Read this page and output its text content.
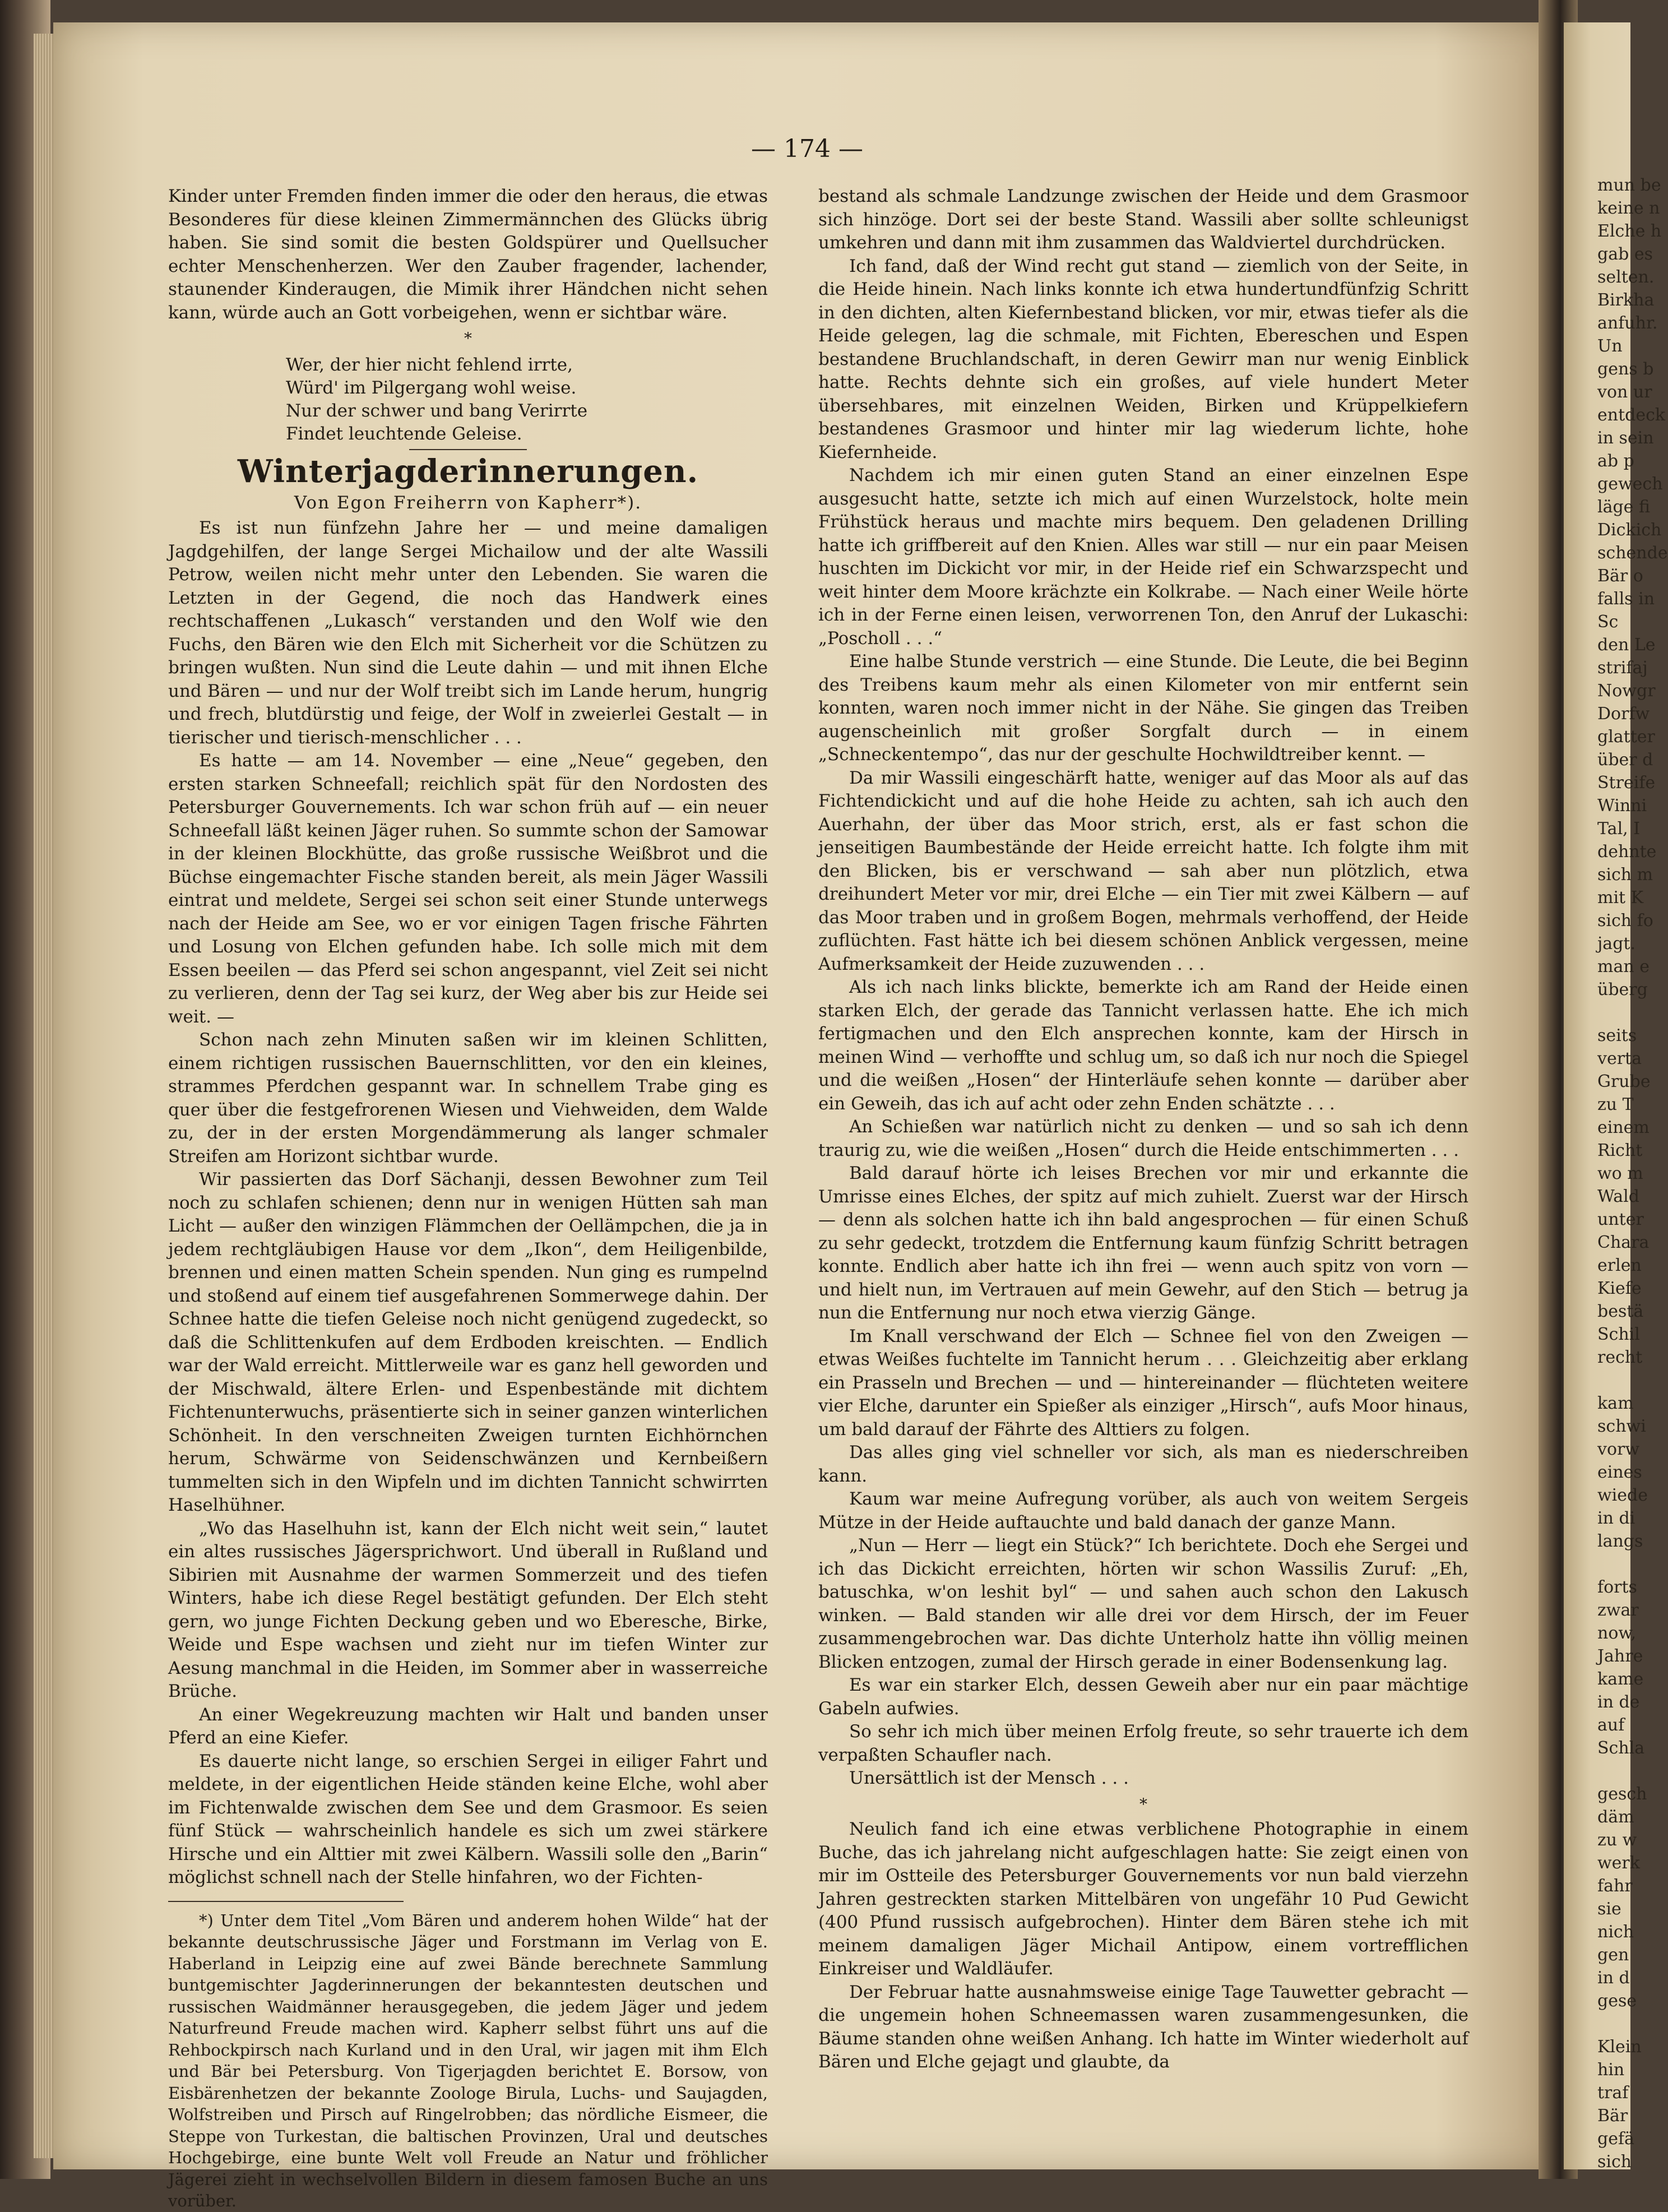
— 174 —

Kinder unter Fremden finden immer die oder den heraus, die etwas Besonderes für diese kleinen Zimmermännchen des Glücks übrig haben. Sie sind somit die besten Goldspürer und Quellsucher echter Menschenherzen. Wer den Zauber fragender, lachender, staunender Kinderaugen, die Mimik ihrer Händchen nicht sehen kann, würde auch an Gott vorbeigehen, wenn er sichtbar wäre.

*
Wer, der hier nicht fehlend irrte,
Würd' im Pilgergang wohl weise.
Nur der schwer und bang Verirrte
Findet leuchtende Geleise.
Winterjagderinnerungen.
Von Egon Freiherrn von Kapherr*).

Es ist nun fünfzehn Jahre her — und meine damaligen Jagdgehilfen, der lange Sergei Michailow und der alte Wassili Petrow, weilen nicht mehr unter den Lebenden. Sie waren die Letzten in der Gegend, die noch das Handwerk eines rechtschaffenen „Lukasch“ verstanden und den Wolf wie den Fuchs, den Bären wie den Elch mit Sicherheit vor die Schützen zu bringen wußten. Nun sind die Leute dahin — und mit ihnen Elche und Bären — und nur der Wolf treibt sich im Lande herum, hungrig und frech, blutdürstig und feige, der Wolf in zweierlei Gestalt — in tierischer und tierisch-menschlicher . . .

Es hatte — am 14. November — eine „Neue“ gegeben, den ersten starken Schneefall; reichlich spät für den Nordosten des Petersburger Gouvernements. Ich war schon früh auf — ein neuer Schneefall läßt keinen Jäger ruhen. So summte schon der Samowar in der kleinen Blockhütte, das große russische Weißbrot und die Büchse eingemachter Fische standen bereit, als mein Jäger Wassili eintrat und meldete, Sergei sei schon seit einer Stunde unterwegs nach der Heide am See, wo er vor einigen Tagen frische Fährten und Losung von Elchen gefunden habe. Ich solle mich mit dem Essen beeilen — das Pferd sei schon angespannt, viel Zeit sei nicht zu verlieren, denn der Tag sei kurz, der Weg aber bis zur Heide sei weit. —

Schon nach zehn Minuten saßen wir im kleinen Schlitten, einem richtigen russischen Bauernschlitten, vor den ein kleines, strammes Pferdchen gespannt war. In schnellem Trabe ging es quer über die festgefrorenen Wiesen und Viehweiden, dem Walde zu, der in der ersten Morgendämmerung als langer schmaler Streifen am Horizont sichtbar wurde.

Wir passierten das Dorf Sächanji, dessen Bewohner zum Teil noch zu schlafen schienen; denn nur in wenigen Hütten sah man Licht — außer den winzigen Flämmchen der Oellämpchen, die ja in jedem rechtgläubigen Hause vor dem „Ikon“, dem Heiligenbilde, brennen und einen matten Schein spenden. Nun ging es rumpelnd und stoßend auf einem tief ausgefahrenen Sommerwege dahin. Der Schnee hatte die tiefen Geleise noch nicht genügend zugedeckt, so daß die Schlittenkufen auf dem Erdboden kreischten. — Endlich war der Wald erreicht. Mittlerweile war es ganz hell geworden und der Mischwald, ältere Erlen- und Espenbestände mit dichtem Fichtenunterwuchs, präsentierte sich in seiner ganzen winterlichen Schönheit. In den verschneiten Zweigen turnten Eichhörnchen herum, Schwärme von Seidenschwänzen und Kernbeißern tummelten sich in den Wipfeln und im dichten Tannicht schwirrten Haselhühner.

„Wo das Haselhuhn ist, kann der Elch nicht weit sein,“ lautet ein altes russisches Jägersprichwort. Und überall in Rußland und Sibirien mit Ausnahme der warmen Sommerzeit und des tiefen Winters, habe ich diese Regel bestätigt gefunden. Der Elch steht gern, wo junge Fichten Deckung geben und wo Eberesche, Birke, Weide und Espe wachsen und zieht nur im tiefen Winter zur Aesung manchmal in die Heiden, im Sommer aber in wasserreiche Brüche.

An einer Wegekreuzung machten wir Halt und banden unser Pferd an eine Kiefer.

Es dauerte nicht lange, so erschien Sergei in eiliger Fahrt und meldete, in der eigentlichen Heide ständen keine Elche, wohl aber im Fichtenwalde zwischen dem See und dem Grasmoor. Es seien fünf Stück — wahrscheinlich handele es sich um zwei stärkere Hirsche und ein Alttier mit zwei Kälbern. Wassili solle den „Barin“ möglichst schnell nach der Stelle hinfahren, wo der Fichten-

*) Unter dem Titel „Vom Bären und anderem hohen Wilde“ hat der bekannte deutschrussische Jäger und Forstmann im Verlag von E. Haberland in Leipzig eine auf zwei Bände berechnete Sammlung buntgemischter Jagderinnerungen der bekanntesten deutschen und russischen Waidmänner herausgegeben, die jedem Jäger und jedem Naturfreund Freude machen wird. Kapherr selbst führt uns auf die Rehbockpirsch nach Kurland und in den Ural, wir jagen mit ihm Elch und Bär bei Petersburg. Von Tigerjagden berichtet E. Borsow, von Eisbärenhetzen der bekannte Zoologe Birula, Luchs- und Saujagden, Wolfstreiben und Pirsch auf Ringelrobben; das nördliche Eismeer, die Steppe von Turkestan, die baltischen Provinzen, Ural und deutsches Hochgebirge, eine bunte Welt voll Freude an Natur und fröhlicher Jägerei zieht in wechselvollen Bildern in diesem famosen Buche an uns vorüber.

bestand als schmale Landzunge zwischen der Heide und dem Grasmoor sich hinzöge. Dort sei der beste Stand. Wassili aber sollte schleunigst umkehren und dann mit ihm zusammen das Waldviertel durchdrücken.

Ich fand, daß der Wind recht gut stand — ziemlich von der Seite, in die Heide hinein. Nach links konnte ich etwa hundertundfünfzig Schritt in den dichten, alten Kiefernbestand blicken, vor mir, etwas tiefer als die Heide gelegen, lag die schmale, mit Fichten, Ebereschen und Espen bestandene Bruchlandschaft, in deren Gewirr man nur wenig Einblick hatte. Rechts dehnte sich ein großes, auf viele hundert Meter übersehbares, mit einzelnen Weiden, Birken und Krüppelkiefern bestandenes Grasmoor und hinter mir lag wiederum lichte, hohe Kiefernheide.

Nachdem ich mir einen guten Stand an einer einzelnen Espe ausgesucht hatte, setzte ich mich auf einen Wurzelstock, holte mein Frühstück heraus und machte mirs bequem. Den geladenen Drilling hatte ich griffbereit auf den Knien. Alles war still — nur ein paar Meisen huschten im Dickicht vor mir, in der Heide rief ein Schwarzspecht und weit hinter dem Moore krächzte ein Kolkrabe. — Nach einer Weile hörte ich in der Ferne einen leisen, verworrenen Ton, den Anruf der Lukaschi: „Poscholl . . .“

Eine halbe Stunde verstrich — eine Stunde. Die Leute, die bei Beginn des Treibens kaum mehr als einen Kilometer von mir entfernt sein konnten, waren noch immer nicht in der Nähe. Sie gingen das Treiben augenscheinlich mit großer Sorgfalt durch — in einem „Schneckentempo“, das nur der geschulte Hochwildtreiber kennt. —

Da mir Wassili eingeschärft hatte, weniger auf das Moor als auf das Fichtendickicht und auf die hohe Heide zu achten, sah ich auch den Auerhahn, der über das Moor strich, erst, als er fast schon die jenseitigen Baumbestände der Heide erreicht hatte. Ich folgte ihm mit den Blicken, bis er verschwand — sah aber nun plötzlich, etwa dreihundert Meter vor mir, drei Elche — ein Tier mit zwei Kälbern — auf das Moor traben und in großem Bogen, mehrmals verhoffend, der Heide zuflüchten. Fast hätte ich bei diesem schönen Anblick vergessen, meine Aufmerksamkeit der Heide zuzuwenden . . .

Als ich nach links blickte, bemerkte ich am Rand der Heide einen starken Elch, der gerade das Tannicht verlassen hatte. Ehe ich mich fertigmachen und den Elch ansprechen konnte, kam der Hirsch in meinen Wind — verhoffte und schlug um, so daß ich nur noch die Spiegel und die weißen „Hosen“ der Hinterläufe sehen konnte — darüber aber ein Geweih, das ich auf acht oder zehn Enden schätzte . . .

An Schießen war natürlich nicht zu denken — und so sah ich denn traurig zu, wie die weißen „Hosen“ durch die Heide entschimmerten . . .

Bald darauf hörte ich leises Brechen vor mir und erkannte die Umrisse eines Elches, der spitz auf mich zuhielt. Zuerst war der Hirsch — denn als solchen hatte ich ihn bald angesprochen — für einen Schuß zu sehr gedeckt, trotzdem die Entfernung kaum fünfzig Schritt betragen konnte. Endlich aber hatte ich ihn frei — wenn auch spitz von vorn — und hielt nun, im Vertrauen auf mein Gewehr, auf den Stich — betrug ja nun die Entfernung nur noch etwa vierzig Gänge.

Im Knall verschwand der Elch — Schnee fiel von den Zweigen — etwas Weißes fuchtelte im Tannicht herum . . . Gleichzeitig aber erklang ein Prasseln und Brechen — und — hintereinander — flüchteten weitere vier Elche, darunter ein Spießer als einziger „Hirsch“, aufs Moor hinaus, um bald darauf der Fährte des Alttiers zu folgen.

Das alles ging viel schneller vor sich, als man es niederschreiben kann.

Kaum war meine Aufregung vorüber, als auch von weitem Sergeis Mütze in der Heide auftauchte und bald danach der ganze Mann.

„Nun — Herr — liegt ein Stück?“ Ich berichtete. Doch ehe Sergei und ich das Dickicht erreichten, hörten wir schon Wassilis Zuruf: „Eh, batuschka, w'on leshit byl“ — und sahen auch schon den Lakusch winken. — Bald standen wir alle drei vor dem Hirsch, der im Feuer zusammengebrochen war. Das dichte Unterholz hatte ihn völlig meinen Blicken entzogen, zumal der Hirsch gerade in einer Bodensenkung lag.

Es war ein starker Elch, dessen Geweih aber nur ein paar mächtige Gabeln aufwies.

So sehr ich mich über meinen Erfolg freute, so sehr trauerte ich dem verpaßten Schaufler nach.

Unersättlich ist der Mensch . . .

*

Neulich fand ich eine etwas verblichene Photographie in einem Buche, das ich jahrelang nicht aufgeschlagen hatte: Sie zeigt einen von mir im Ostteile des Petersburger Gouvernements vor nun bald vierzehn Jahren gestreckten starken Mittelbären von ungefähr 10 Pud Gewicht (400 Pfund russisch aufgebrochen). Hinter dem Bären stehe ich mit meinem damaligen Jäger Michail Antipow, einem vortrefflichen Einkreiser und Waldläufer.

Der Februar hatte ausnahmsweise einige Tage Tauwetter gebracht — die ungemein hohen Schneemassen waren zusammengesunken, die Bäume standen ohne weißen Anhang. Ich hatte im Winter wiederholt auf Bären und Elche gejagt und glaubte, da

mun be
keine n
Elche h
gab es
selten.
Birkha
anfuhr.
Un
gens b
von ur
entdeck
in sein
ab p
gewech
läge fi
Dickich
schende
Bär o
falls in
Sc
den Le
strifaj
Nowgr
Dorfw
glatter
über d
Streife
Winni
Tal, I
dehnte
sich m
mit K
sich fo
jagt.
man e
überg
seits
verta
Grube
zu T
einem
Richt
wo m
Wald
unter
Chara
erlen
Kiefe
bestä
Schil
recht
kam
schwi
vorw
eines
wiede
in di
langs
forts
zwar
now,
Jahre
kame
in de
auf
Schla
gesch
däm
zu w
werk
fahr
sie
nich
gen
in d
gese
Klein
hin
traf
Bär
gefä
sich
